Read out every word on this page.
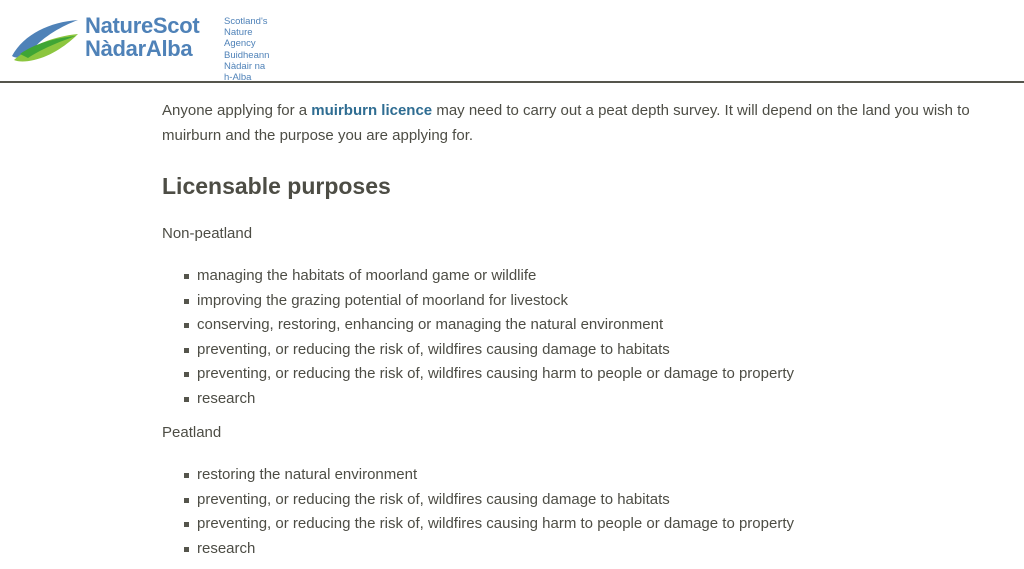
NatureScot
NàdarAlba
Scotland's
Nature Agency
Buidheann
Nàdair na h-Alba

Anyone applying for a muirburn licence may need to carry out a peat depth survey. It will depend on the land you wish to muirburn and the purpose you are applying for.

Licensable purposes

Non-peatland

managing the habitats of moorland game or wildlife
improving the grazing potential of moorland for livestock
conserving, restoring, enhancing or managing the natural environment
preventing, or reducing the risk of, wildfires causing damage to habitats
preventing, or reducing the risk of, wildfires causing harm to people or damage to property
research

Peatland

restoring the natural environment
preventing, or reducing the risk of, wildfires causing damage to habitats
preventing, or reducing the risk of, wildfires causing harm to people or damage to property
research
